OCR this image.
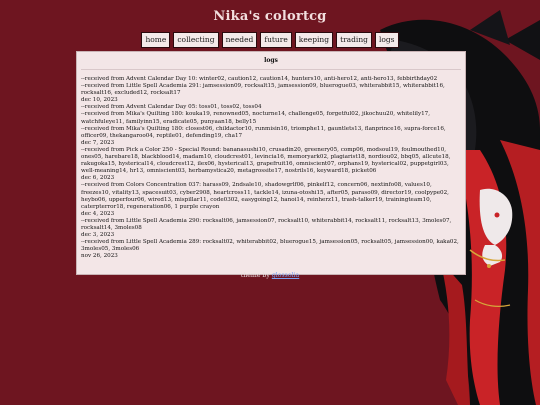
Nika's colortcg
home	collecting	needed	future	keeping	trading	logs
logs
--received from Advent Calendar Day 10: winter02, caution12, caution14, hunters10, anti-hero12, anti-hero13, febbirthday02
--received from Little Spell Academia 291: jamsession09, rocksalt15, jamsession09, bluerogue03, whiterabbit15, whiterabbit16, rocksalt16, excluded12, rocksalt17
dec 10, 2023
--received from Advent Calendar Day 05: toss01, toss02, toss04
--received from Mika's Quilting 180: kouka19, renowned05, nocturne14, challenge05, forgetful02, jikochuu20, whitelily17, watchfuleye11, familyinn15, eradicate05, punyaan18, belly15
--received from Mika's Quilting 180: closest06, childactor10, runmisin16, triomphe11, gauntlets13, flanprince16, supra-force16, officer09, thekangaroo04, reptile01, defending19, cha17
dec 7, 2023
--received from Pick a Color 250 - Special Round: bananasushi10, crusadin20, greenery05, comp06, modsoul19, foulmouthed10, ones05, harebare18, blackblood14, madam10, cloudcrest01, levincia16, memoryark02, plagiarist18, nordiou02, bbq05, allcute18, rakugoka15, hysterical14, cloudcrest12, ilex06, hysterical13, grapefruit16, omniscient07, orphans19, hysterical02, puppetgirl03, well-meaning14, hr13, omniscient03, herbamystica20, metagrossite17, nostrils16, keyward18, picket06
dec 6, 2023
--received from Colors Concentration 037: harass09, 2ndsale10, shadowgrlf06, pinkelf12, concern06, nextinfo08, values10, freezes10, vitality13, spacesuit03, cyber2908, heartcross11, tackle14, izuna-otoshi15, after05, paraso09, director19, coolpype02, heybo06, upperfour06, wired13, mispillar11, code0302, easygoing12, hanoi14, reinherz11, trash-talker19, trainingteam10, caterpterror18, regeneration06, 1 purple crayon
dec 4, 2023
--received from Little Spell Academia 290: rocksalt06, jamsession07, rocksalt10, whiterabbit14, rocksalt11, rocksalt13, 3moles07, rocksalt14, 3moles08
dec 3, 2023
--received from Little Spell Academia 289: rocksalt02, whiterabbit02, bluerogue15, jamsession05, rocksalt05, jamsession00, kaka02, 3moles05, 3moles06
nov 26, 2023
theme by glossolia
